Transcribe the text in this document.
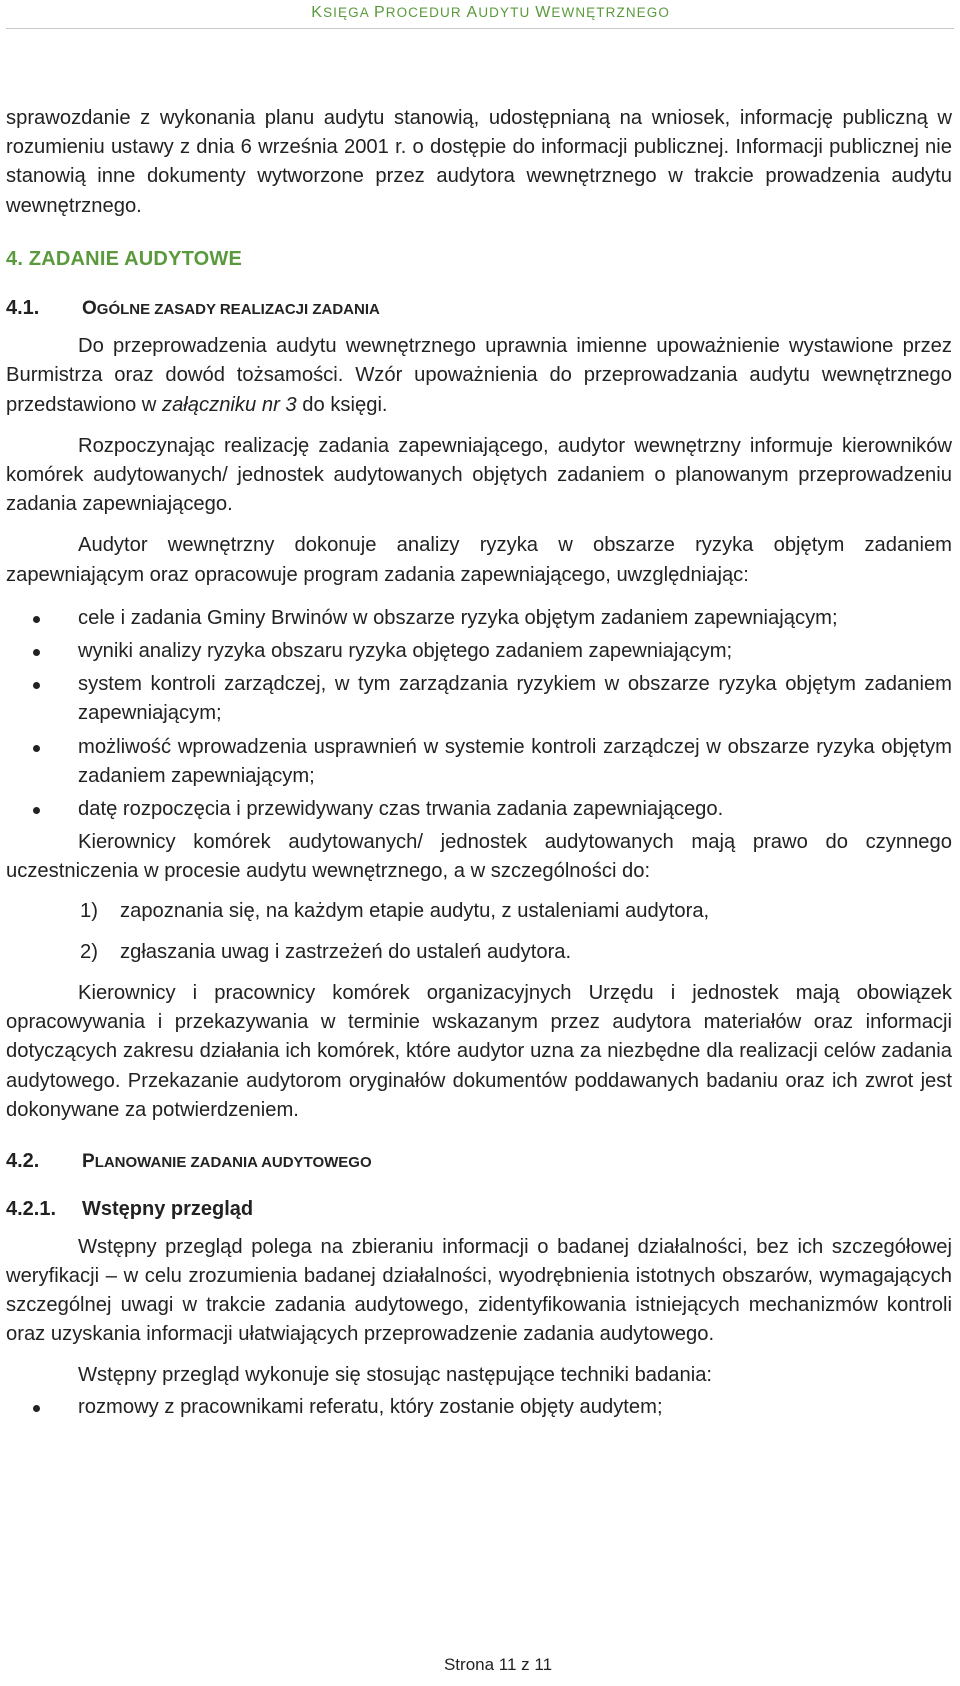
KSIĘGA PROCEDUR AUDYTU WEWNĘTRZNEGO

sprawozdanie z wykonania planu audytu stanowią, udostępnianą na wniosek, informację publiczną w rozumieniu ustawy z dnia 6 września 2001 r. o dostępie do informacji publicznej. Informacji publicznej nie stanowią inne dokumenty wytworzone przez audytora wewnętrznego w trakcie prowadzenia audytu wewnętrznego.

4. ZADANIE AUDYTOWE
4.1.	OGÓLNE ZASADY REALIZACJI ZADANIA

Do przeprowadzenia audytu wewnętrznego uprawnia imienne upoważnienie wystawione przez Burmistrza oraz dowód tożsamości. Wzór upoważnienia do przeprowadzania audytu wewnętrznego przedstawiono w załączniku nr 3 do księgi.

Rozpoczynając realizację zadania zapewniającego, audytor wewnętrzny informuje kierowników komórek audytowanych/ jednostek audytowanych objętych zadaniem o planowanym przeprowadzeniu zadania zapewniającego.

Audytor wewnętrzny dokonuje analizy ryzyka w obszarze ryzyka objętym zadaniem zapewniającym oraz opracowuje program zadania zapewniającego, uwzględniając:

cele i zadania Gminy Brwinów w obszarze ryzyka objętym zadaniem zapewniającym;
wyniki analizy ryzyka obszaru ryzyka objętego zadaniem zapewniającym;
system kontroli zarządczej, w tym zarządzania ryzykiem w obszarze ryzyka objętym zadaniem zapewniającym;
możliwość wprowadzenia usprawnień w systemie kontroli zarządczej w obszarze ryzyka objętym zadaniem zapewniającym;
datę rozpoczęcia i przewidywany czas trwania zadania zapewniającego.

Kierownicy komórek audytowanych/ jednostek audytowanych mają prawo do czynnego uczestniczenia w procesie audytu wewnętrznego, a w szczególności do:

1)	zapoznania się, na każdym etapie audytu, z ustaleniami audytora,
2)	zgłaszania uwag i zastrzeżeń do ustaleń audytora.

Kierownicy i pracownicy komórek organizacyjnych Urzędu i jednostek mają obowiązek opracowywania i przekazywania w terminie wskazanym przez audytora materiałów oraz informacji dotyczących zakresu działania ich komórek, które audytor uzna za niezbędne dla realizacji celów zadania audytowego. Przekazanie audytorom oryginałów dokumentów poddawanych badaniu oraz ich zwrot jest dokonywane za potwierdzeniem.

4.2.	PLANOWANIE ZADANIA AUDYTOWEGO
4.2.1.	Wstępny przegląd

Wstępny przegląd polega na zbieraniu informacji o badanej działalności, bez ich szczegółowej weryfikacji – w celu zrozumienia badanej działalności, wyodrębnienia istotnych obszarów, wymagających szczególnej uwagi w trakcie zadania audytowego, zidentyfikowania istniejących mechanizmów kontroli oraz uzyskania informacji ułatwiających przeprowadzenie zadania audytowego.

Wstępny przegląd wykonuje się stosując następujące techniki badania:

rozmowy z pracownikami referatu, który zostanie objęty audytem;
Strona 11 z 11
